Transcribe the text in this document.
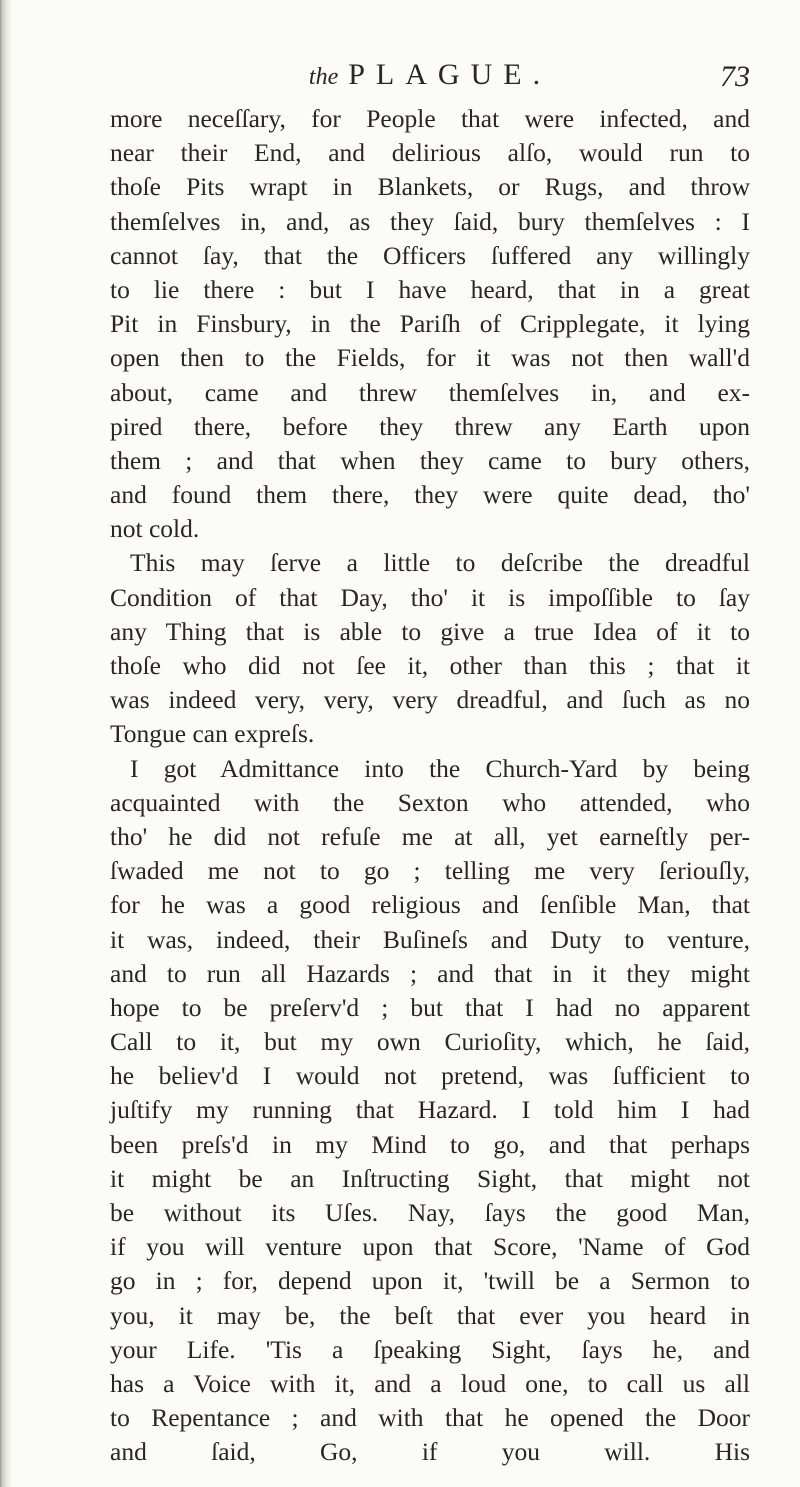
the PLAGUE.	73
more neceſſary, for People that were infected, and
near their End, and delirious alſo, would run to
thoſe Pits wrapt in Blankets, or Rugs, and throw
themſelves in, and, as they ſaid, bury themſelves : I
cannot ſay, that the Officers ſuffered any willingly
to lie there : but I have heard, that in a great
Pit in Finsbury, in the Pariſh of Cripplegate, it lying
open then to the Fields, for it was not then wall'd
about, came and threw themſelves in, and ex-
pired there, before they threw any Earth upon
them ; and that when they came to bury others,
and found them there, they were quite dead, tho'
not cold.
This may ſerve a little to deſcribe the dreadful
Condition of that Day, tho' it is impoſſible to ſay
any Thing that is able to give a true Idea of it to
thoſe who did not ſee it, other than this ; that it
was indeed very, very, very dreadful, and ſuch as no
Tongue can expreſs.
I got Admittance into the Church-Yard by being
acquainted with the Sexton who attended, who
tho' he did not refuſe me at all, yet earneſtly per-
ſwaded me not to go ; telling me very ſeriouſly,
for he was a good religious and ſenſible Man, that
it was, indeed, their Buſineſs and Duty to venture,
and to run all Hazards ; and that in it they might
hope to be preſerv'd ; but that I had no apparent
Call to it, but my own Curioſity, which, he ſaid,
he believ'd I would not pretend, was ſufficient to
juſtify my running that Hazard. I told him I had
been preſs'd in my Mind to go, and that perhaps
it might be an Inſtructing Sight, that might not
be without its Uſes. Nay, ſays the good Man,
if you will venture upon that Score, 'Name of God
go in ; for, depend upon it, 'twill be a Sermon to
you, it may be, the beſt that ever you heard in
your Life. 'Tis a ſpeaking Sight, ſays he, and
has a Voice with it, and a loud one, to call us all
to Repentance ; and with that he opened the Door
and ſaid, Go, if you will. His
